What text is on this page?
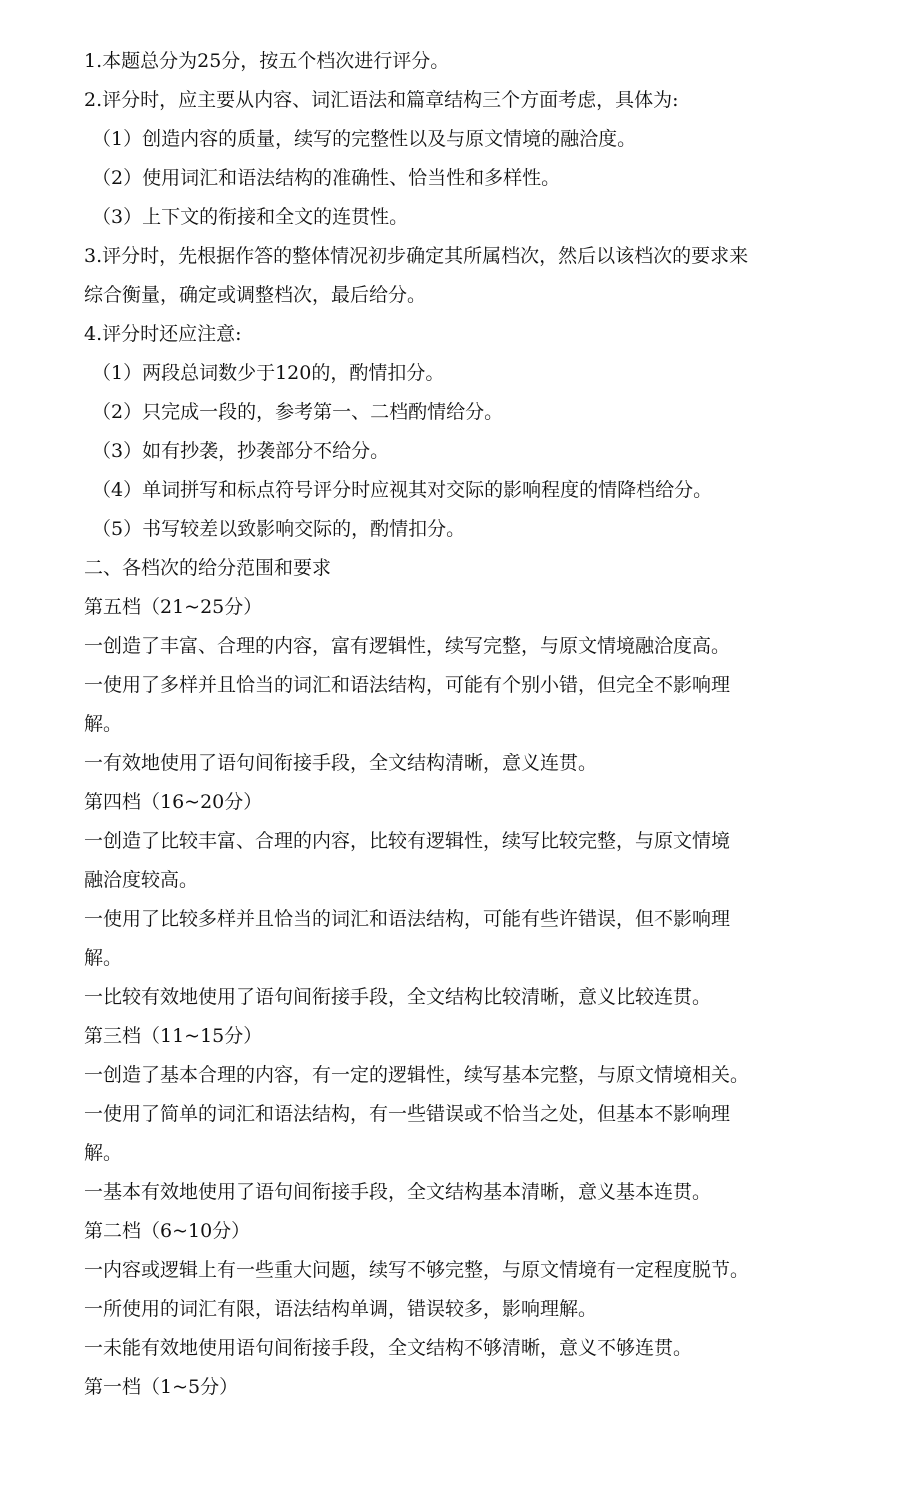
1.本题总分为25分，按五个档次进行评分。

2.评分时，应主要从内容、词汇语法和篇章结构三个方面考虑，具体为:

（1）创造内容的质量，续写的完整性以及与原文情境的融洽度。

（2）使用词汇和语法结构的准确性、恰当性和多样性。

（3）上下文的衔接和全文的连贯性。

3.评分时，先根据作答的整体情况初步确定其所属档次，然后以该档次的要求来

综合衡量，确定或调整档次，最后给分。

4.评分时还应注意:

（1）两段总词数少于120的，酌情扣分。

（2）只完成一段的，参考第一、二档酌情给分。

（3）如有抄袭，抄袭部分不给分。

（4）单词拼写和标点符号评分时应视其对交际的影响程度的情降档给分。

（5）书写较差以致影响交际的，酌情扣分。

二、各档次的给分范围和要求

第五档（21~25分）

一创造了丰富、合理的内容，富有逻辑性，续写完整，与原文情境融洽度高。

一使用了多样并且恰当的词汇和语法结构，可能有个别小错，但完全不影响理

解。

一有效地使用了语句间衔接手段，全文结构清晰，意义连贯。

第四档（16~20分）

一创造了比较丰富、合理的内容，比较有逻辑性，续写比较完整，与原文情境

融洽度较高。

一使用了比较多样并且恰当的词汇和语法结构，可能有些许错误，但不影响理

解。

一比较有效地使用了语句间衔接手段，全文结构比较清晰，意义比较连贯。

第三档（11~15分）

一创造了基本合理的内容，有一定的逻辑性，续写基本完整，与原文情境相关。

一使用了简单的词汇和语法结构，有一些错误或不恰当之处，但基本不影响理

解。

一基本有效地使用了语句间衔接手段，全文结构基本清晰，意义基本连贯。

第二档（6~10分）

一内容或逻辑上有一些重大问题，续写不够完整，与原文情境有一定程度脱节。

一所使用的词汇有限，语法结构单调，错误较多，影响理解。

一未能有效地使用语句间衔接手段，全文结构不够清晰，意义不够连贯。

第一档（1~5分）
